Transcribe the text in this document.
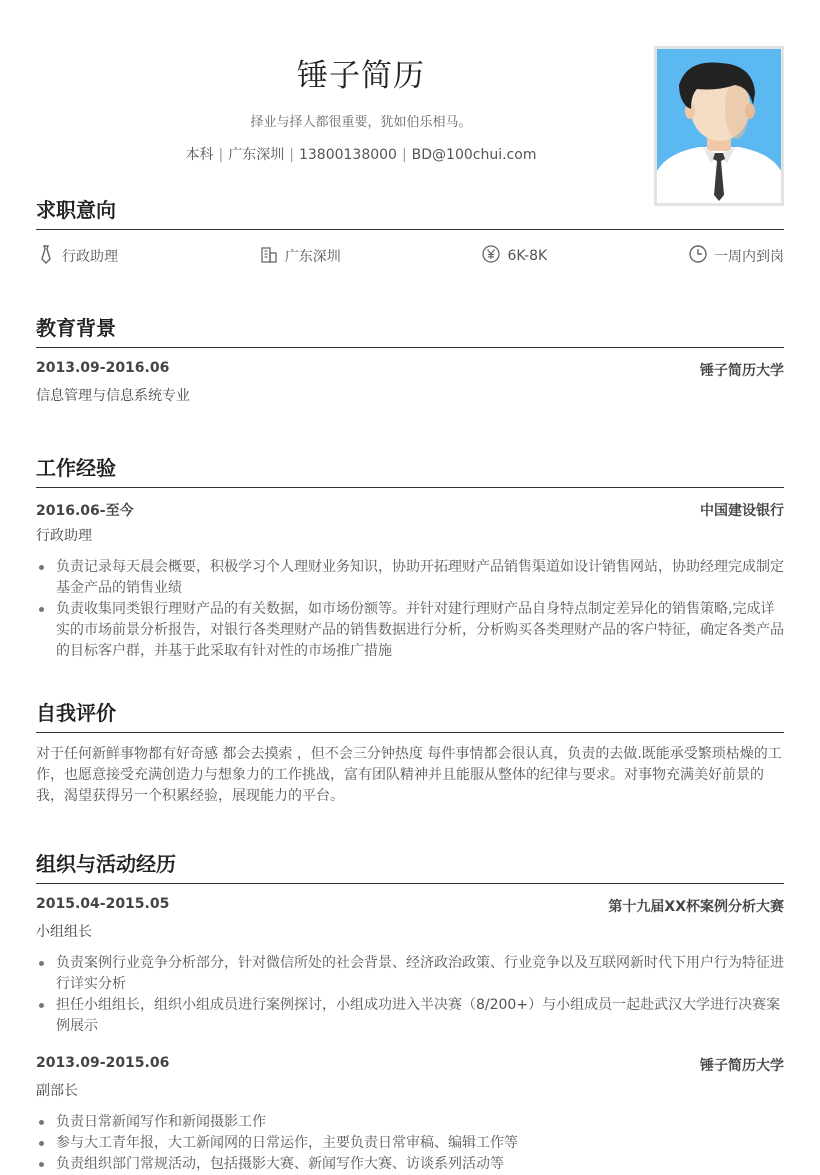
锤子简历
择业与择人都很重要，犹如伯乐相马。
本科 | 广东深圳 | 13800138000 | BD@100chui.com
求职意向
行政助理	广东深圳	6K-8K	一周内到岗
教育背景
2013.09-2016.06	锤子简历大学
信息管理与信息系统专业
工作经验
2016.06-至今	中国建设银行
行政助理
负责记录每天晨会概要，积极学习个人理财业务知识，协助开拓理财产品销售渠道如设计销售网站，协助经理完成制定基金产品的销售业绩
负责收集同类银行理财产品的有关数据，如市场份额等。并针对建行理财产品自身特点制定差异化的销售策略,完成详实的市场前景分析报告，对银行各类理财产品的销售数据进行分析，分析购买各类理财产品的客户特征，确定各类产品的目标客户群，并基于此采取有针对性的市场推广措施
自我评价
对于任何新鲜事物都有好奇感 都会去摸索 ，但不会三分钟热度 每件事情都会很认真，负责的去做.既能承受繁琐枯燥的工作，也愿意接受充满创造力与想象力的工作挑战，富有团队精神并且能服从整体的纪律与要求。对事物充满美好前景的我，渴望获得另一个积累经验，展现能力的平台。
组织与活动经历
2015.04-2015.05	第十九届XX杯案例分析大赛
小组组长
负责案例行业竞争分析部分，针对微信所处的社会背景、经济政治政策、行业竞争以及互联网新时代下用户行为特征进行详实分析
担任小组组长，组织小组成员进行案例探讨，小组成功进入半决赛（8/200+）与小组成员一起赴武汉大学进行决赛案例展示
2013.09-2015.06	锤子简历大学
副部长
负责日常新闻写作和新闻摄影工作
参与大工青年报，大工新闻网的日常运作，主要负责日常审稿、编辑工作等
负责组织部门常规活动，包括摄影大赛、新闻写作大赛、访谈系列活动等
